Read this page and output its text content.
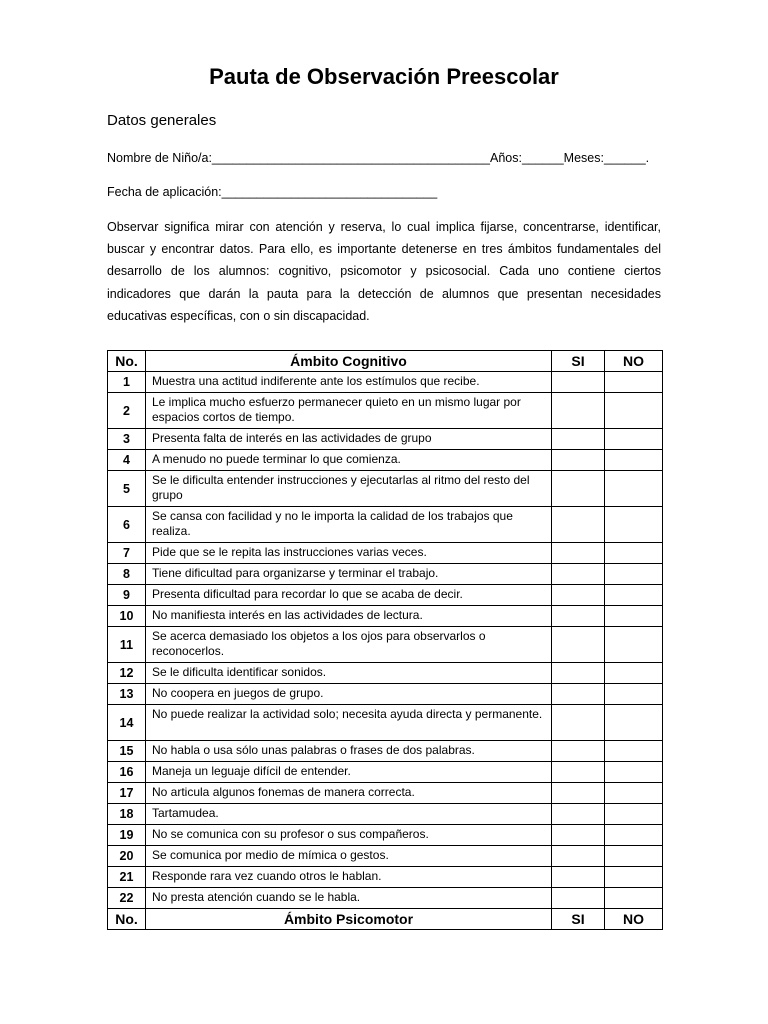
Pauta de Observación Preescolar
Datos generales
Nombre de Niño/a:________________________________________Años:______Meses:______.
Fecha de aplicación:_______________________________
Observar significa mirar con atención y reserva, lo cual implica fijarse, concentrarse, identificar, buscar y encontrar datos. Para ello, es importante detenerse en tres ámbitos fundamentales del desarrollo de los alumnos: cognitivo, psicomotor y psicosocial. Cada uno contiene ciertos indicadores que darán la pauta para la detección de alumnos que presentan necesidades educativas específicas, con o sin discapacidad.
No.	Ámbito Cognitivo	SI	NO
1	Muestra una actitud indiferente ante los estímulos que recibe.		
2	Le implica mucho esfuerzo permanecer quieto en un mismo lugar por espacios cortos de tiempo.		
3	Presenta falta de interés en las actividades de grupo		
4	A menudo no puede terminar lo que comienza.		
5	Se le dificulta entender instrucciones y ejecutarlas al ritmo del resto del grupo		
6	Se cansa con facilidad y no le importa la calidad de los trabajos que realiza.		
7	Pide que se le repita las instrucciones varias veces.		
8	Tiene dificultad para organizarse y terminar el trabajo.		
9	Presenta dificultad para recordar lo que se acaba de decir.		
10	No manifiesta interés en las actividades de lectura.		
11	Se acerca demasiado los objetos a los ojos para observarlos o reconocerlos.		
12	Se le dificulta identificar sonidos.		
13	No coopera en juegos de grupo.		
14	No puede realizar la actividad solo; necesita ayuda directa y permanente.		
15	No habla o usa sólo unas palabras o frases de dos palabras.		
16	Maneja un leguaje difícil de entender.		
17	No articula algunos fonemas de manera correcta.		
18	Tartamudea.		
19	No se comunica con su profesor o sus compañeros.		
20	Se comunica por medio de mímica o gestos.		
21	Responde rara vez cuando otros le hablan.		
22	No presta atención cuando se le habla.		
No.	Ámbito Psicomotor	SI	NO
